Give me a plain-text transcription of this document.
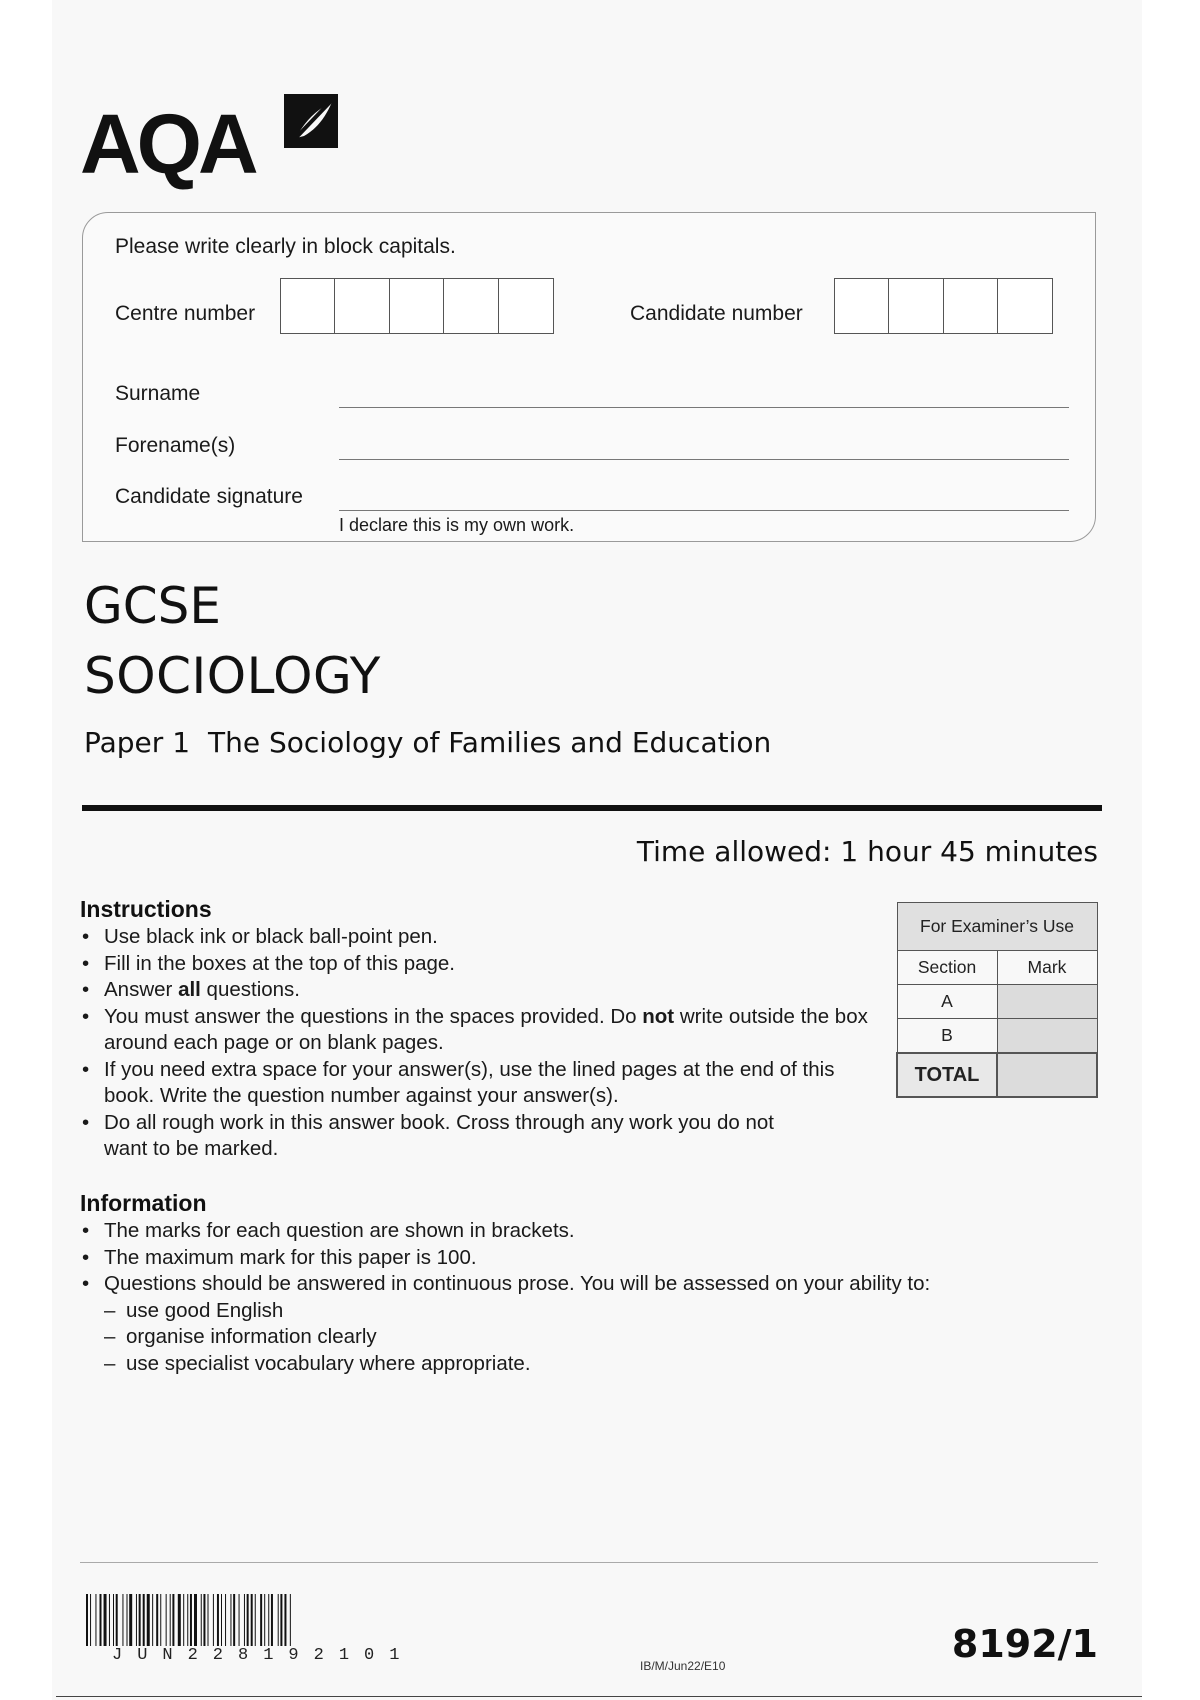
AQA
Please write clearly in block capitals.
Centre number	Candidate number
Surname
Forename(s)
Candidate signature
I declare this is my own work.
GCSE
SOCIOLOGY
Paper 1 The Sociology of Families and Education
Time allowed: 1 hour 45 minutes
Instructions
• Use black ink or black ball-point pen.
• Fill in the boxes at the top of this page.
• Answer all questions.
• You must answer the questions in the spaces provided. Do not write outside the box around each page or on blank pages.
• If you need extra space for your answer(s), use the lined pages at the end of this book. Write the question number against your answer(s).
• Do all rough work in this answer book. Cross through any work you do not want to be marked.
For Examiner’s Use	
Section	Mark
A	
B	
TOTAL	
Information
• The marks for each question are shown in brackets.
• The maximum mark for this paper is 100.
• Questions should be answered in continuous prose. You will be assessed on your ability to:
– use good English
– organise information clearly
– use specialist vocabulary where appropriate.
JUN228192101
IB/M/Jun22/E10	8192/1
